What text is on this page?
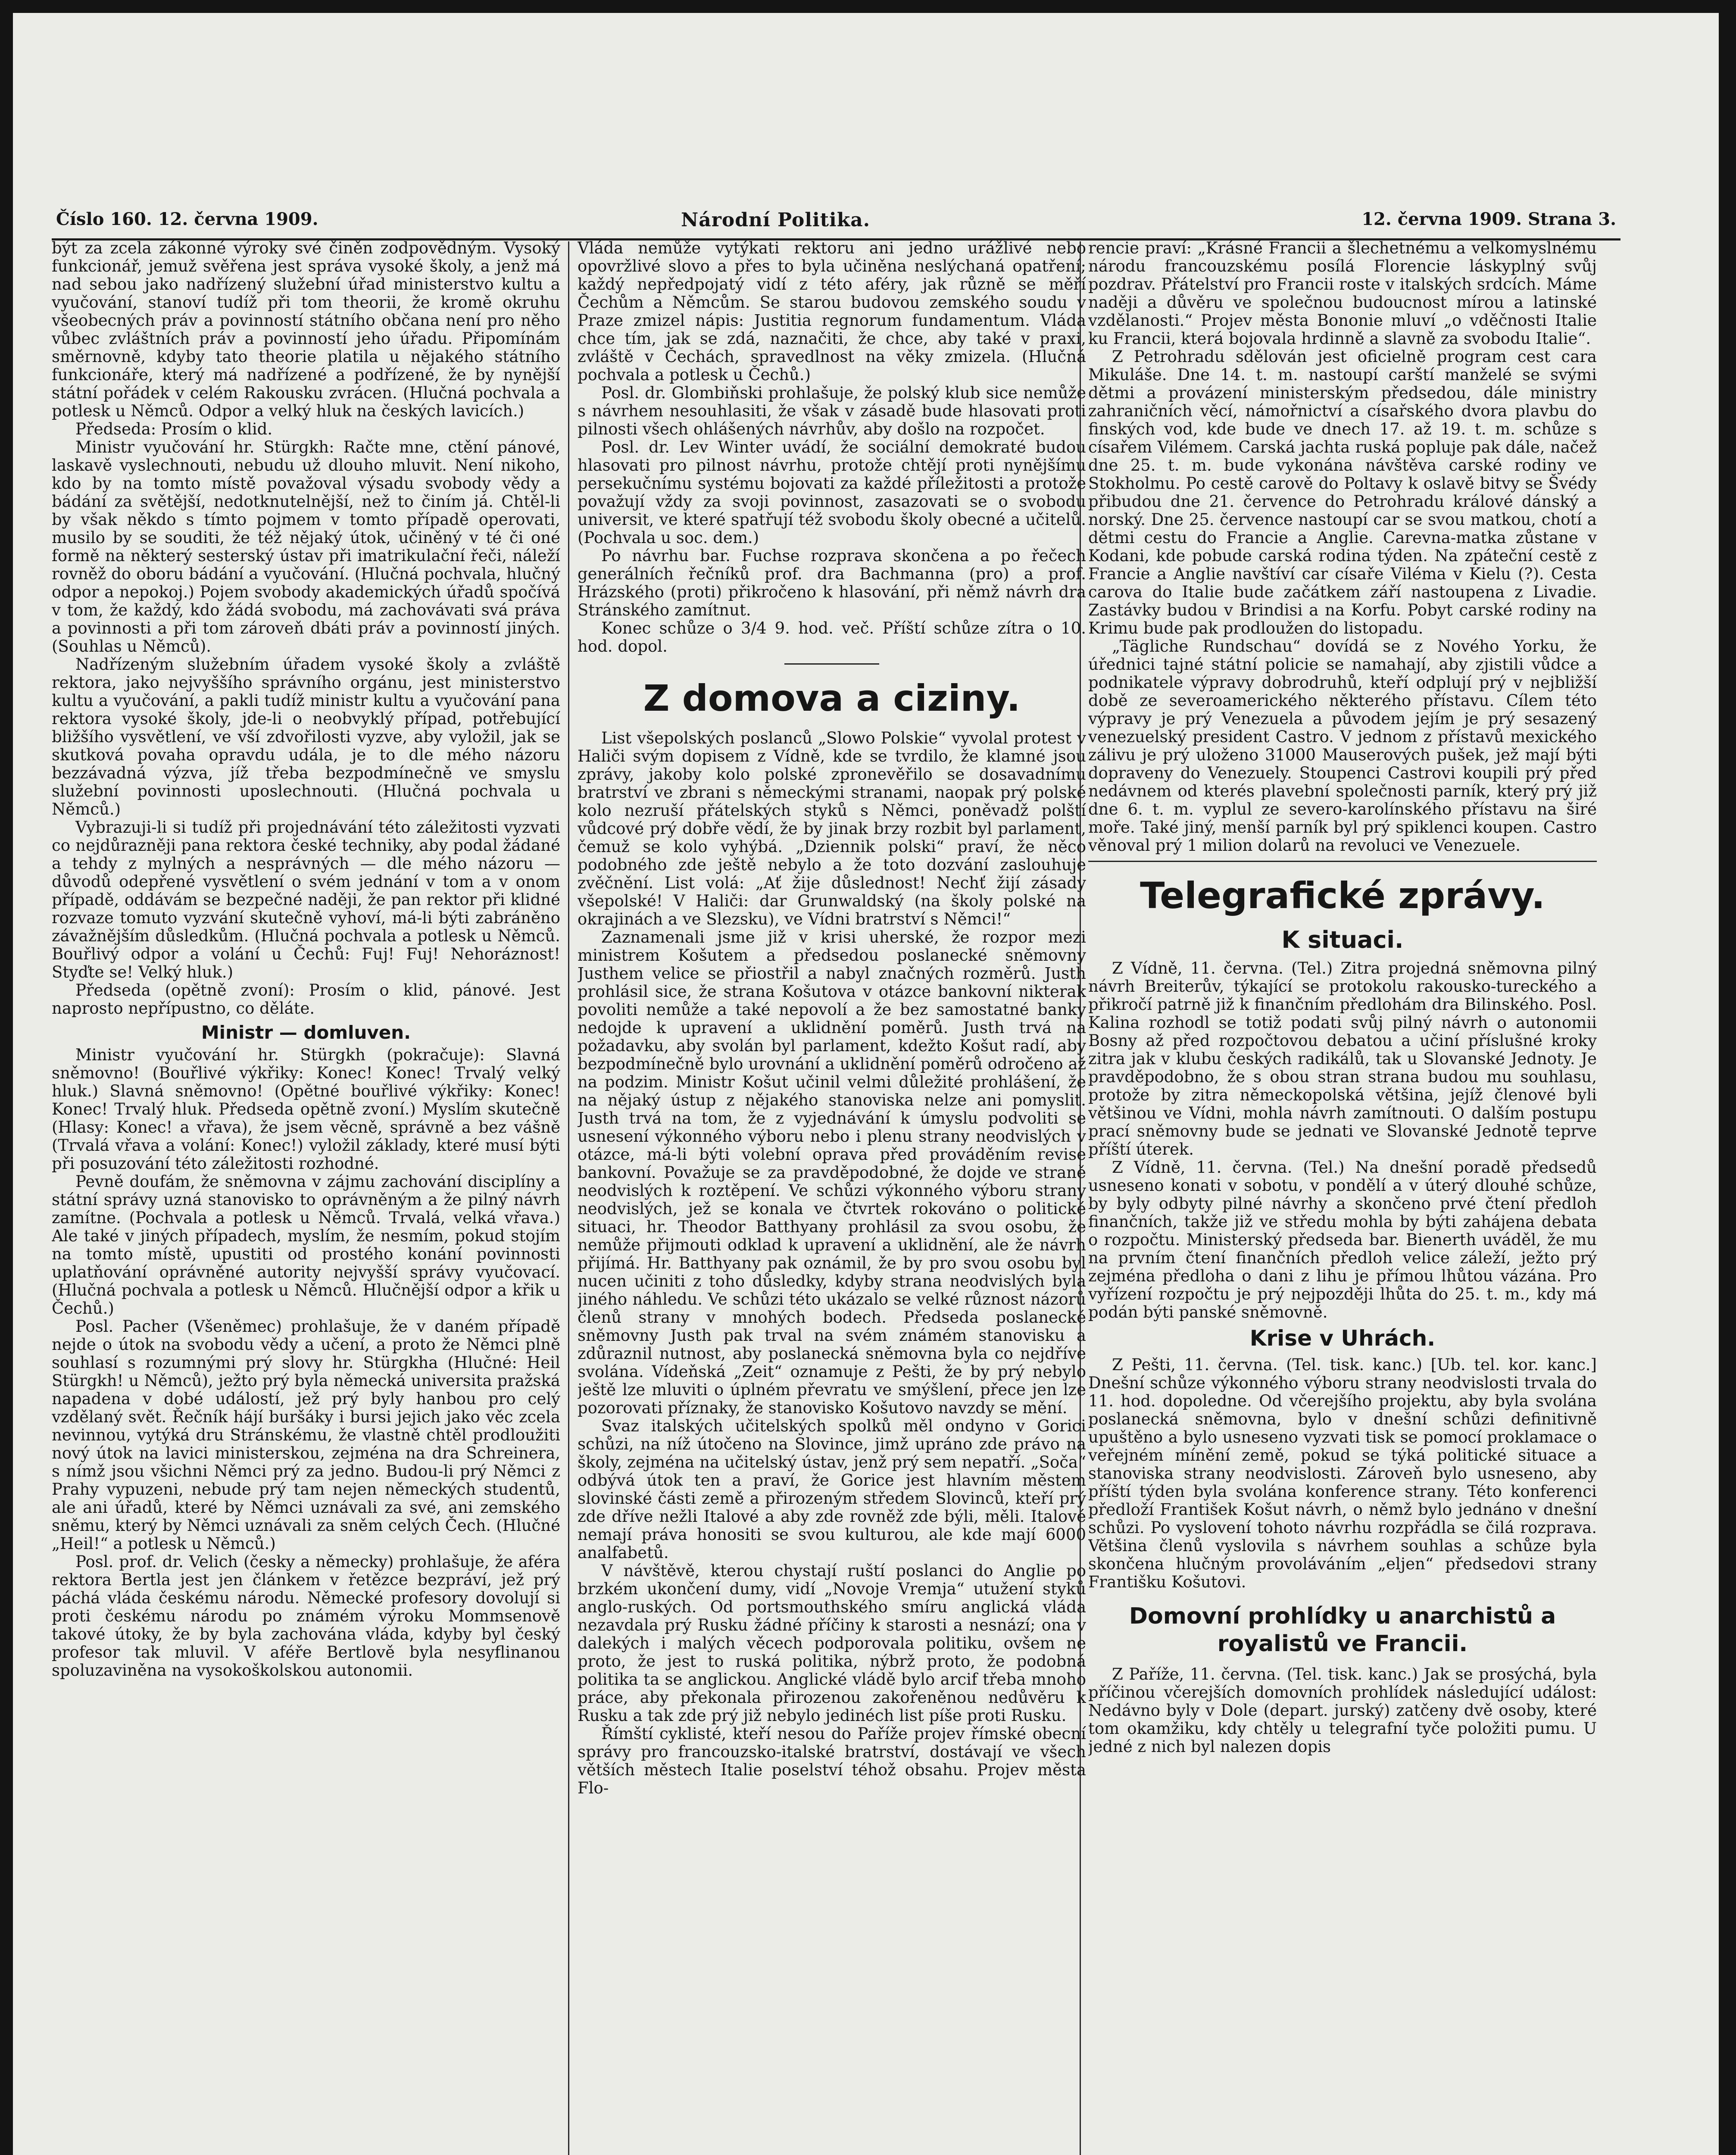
Číslo 160. 12. června 1909.	Národní Politika.	12. června 1909. Strana 3.

být za zcela zákonné výroky své činěn zodpovědným. Vysoký funkcionář, jemuž svěřena jest správa vysoké školy, a jenž má nad sebou jako nadřízený služební úřad ministerstvo kultu a vyučování, stanoví tudíž při tom theorii, že kromě okruhu všeobecných práv a povinností státního občana není pro něho vůbec zvláštních práv a povinností jeho úřadu. Připomínám směrnovně, kdyby tato theorie platila u nějakého státního funkcionáře, který má nadřízené a podřízené, že by nynější státní pořádek v celém Rakousku zvrácen. (Hlučná pochvala a potlesk u Němců. Odpor a velký hluk na českých lavicích.)

Předseda: Prosím o klid.

Ministr vyučování hr. Stürgkh: Račte mne, ctění pánové, laskavě vyslechnouti, nebudu už dlouho mluvit. Není nikoho, kdo by na tomto místě považoval výsadu svobody vědy a bádání za světější, nedotknutelnější, než to činím já. Chtěl-li by však někdo s tímto pojmem v tomto případě operovati, musilo by se souditi, že též nějaký útok, učiněný v té či oné formě na některý sesterský ústav při imatrikulační řeči, náleží rovněž do oboru bádání a vyučování. (Hlučná pochvala, hlučný odpor a nepokoj.) Pojem svobody akademických úřadů spočívá v tom, že každý, kdo žádá svobodu, má zachovávati svá práva a povinnosti a při tom zároveň dbáti práv a povinností jiných. (Souhlas u Němců).

Nadřízeným služebním úřadem vysoké školy a zvláště rektora, jako nejvyššího správního orgánu, jest ministerstvo kultu a vyučování, a pakli tudíž ministr kultu a vyučování pana rektora vysoké školy, jde-li o neobvyklý případ, potřebující bližšího vysvětlení, ve vší zdvořilosti vyzve, aby vyložil, jak se skutková povaha opravdu udála, je to dle mého názoru bezzávadná výzva, jíž třeba bezpodmínečně ve smyslu služební povinnosti uposlechnouti. (Hlučná pochvala u Němců.)

Vybrazuji-li si tudíž při projednávání této záležitosti vyzvati co nejdůrazněji pana rektora české techniky, aby podal žádané a tehdy z mylných a nesprávných — dle mého názoru — důvodů odepřené vysvětlení o svém jednání v tom a v onom případě, oddávám se bezpečné naději, že pan rektor při klidné rozvaze tomuto vyzvání skutečně vyhoví, má-li býti zabráněno závažnějším důsledkům. (Hlučná pochvala a potlesk u Němců. Bouřlivý odpor a volání u Čechů: Fuj! Fuj! Nehoráznost! Styďte se! Velký hluk.)

Předseda (opětně zvoní): Prosím o klid, pánové. Jest naprosto nepřípustno, co děláte.

Ministr — domluven.

Ministr vyučování hr. Stürgkh (pokračuje): Slavná sněmovno! (Bouřlivé výkřiky: Konec! Konec! Trvalý velký hluk.) Slavná sněmovno! (Opětné bouřlivé výkřiky: Konec! Konec! Trvalý hluk. Předseda opětně zvoní.) Myslím skutečně (Hlasy: Konec! a vřava), že jsem věcně, správně a bez vášně (Trvalá vřava a volání: Konec!) vyložil základy, které musí býti při posuzování této záležitosti rozhodné.

Pevně doufám, že sněmovna v zájmu zachování disciplíny a státní správy uzná stanovisko to oprávněným a že pilný návrh zamítne. (Pochvala a potlesk u Němců. Trvalá, velká vřava.) Ale také v jiných případech, myslím, že nesmím, pokud stojím na tomto místě, upustiti od prostého konání povinnosti uplatňování oprávněné autority nejvyšší správy vyučovací. (Hlučná pochvala a potlesk u Němců. Hlučnější odpor a křik u Čechů.)

Posl. Pacher (Všeněmec) prohlašuje, že v daném případě nejde o útok na svobodu vědy a učení, a proto že Němci plně souhlasí s rozumnými prý slovy hr. Stürgkha (Hlučné: Heil Stürgkh! u Němců), ježto prý byla německá universita pražská napadena v dobé událostí, jež prý byly hanbou pro celý vzdělaný svět. Řečník hájí buršáky i bursi jejich jako věc zcela nevinnou, vytýká dru Stránskému, že vlastně chtěl prodloužiti nový útok na lavici ministerskou, zejména na dra Schreinera, s nímž jsou všichni Němci prý za jedno. Budou-li prý Němci z Prahy vypuzeni, nebude prý tam nejen německých studentů, ale ani úřadů, které by Němci uznávali za své, ani zemského sněmu, který by Němci uznávali za sněm celých Čech. (Hlučné „Heil!“ a potlesk u Němců.)

Posl. prof. dr. Velich (česky a německy) prohlašuje, že aféra rektora Bertla jest jen článkem v řetězce bezpráví, jež prý páchá vláda českému národu. Německé profesory dovolují si proti českému národu po známém výroku Mommsenově takové útoky, že by byla zachována vláda, kdyby byl český profesor tak mluvil. V aféře Bertlově byla nesyflinanou spoluzaviněna na vysokoškolskou autonomii.

Vláda nemůže vytýkati rektoru ani jedno urážlivé nebo opovržlivé slovo a přes to byla učiněna neslýchaná opatření; každý nepředpojatý vidí z této aféry, jak různě se měří Čechům a Němcům. Se starou budovou zemského soudu v Praze zmizel nápis: Justitia regnorum fundamentum. Vláda chce tím, jak se zdá, naznačiti, že chce, aby také v praxi, zvláště v Čechách, spravedlnost na věky zmizela. (Hlučná pochvala a potlesk u Čechů.)

Posl. dr. Glombiňski prohlašuje, že polský klub sice nemůže s návrhem nesouhlasiti, že však v zásadě bude hlasovati proti pilnosti všech ohlášených návrhův, aby došlo na rozpočet.

Posl. dr. Lev Winter uvádí, že sociální demokraté budou hlasovati pro pilnost návrhu, protože chtějí proti nynějšímu persekučnímu systému bojovati za každé příležitosti a protože považují vždy za svoji povinnost, zasazovati se o svobodu universit, ve které spatřují též svobodu školy obecné a učitelů. (Pochvala u soc. dem.)

Po návrhu bar. Fuchse rozprava skončena a po řečech generálních řečníků prof. dra Bachmanna (pro) a prof. Hrázského (proti) přikročeno k hlasování, při němž návrh dra Stránského zamítnut.

Konec schůze o 3/4 9. hod. več. Příští schůze zítra o 10. hod. dopol.

Z domova a ciziny.

List všepolských poslanců „Slowo Polskie“ vyvolal protest v Haliči svým dopisem z Vídně, kde se tvrdilo, že klamné jsou zprávy, jakoby kolo polské zpronevěřilo se dosavadnímu bratrství ve zbrani s německými stranami, naopak prý polské kolo nezruší přátelských styků s Němci, poněvadž polští vůdcové prý dobře vědí, že by jinak brzy rozbit byl parlament, čemuž se kolo vyhýbá. „Dziennik polski“ praví, že něco podobného zde ještě nebylo a že toto dozvání zaslouhuje zvěčnění. List volá: „Ať žije důslednost! Nechť žijí zásady všepolské! V Haliči: dar Grunwaldský (na školy polské na okrajinách a ve Slezsku), ve Vídni bratrství s Němci!“

Zaznamenali jsme již v krisi uherské, že rozpor mezi ministrem Košutem a předsedou poslanecké sněmovny Justhem velice se přiostřil a nabyl značných rozměrů. Justh prohlásil sice, že strana Košutova v otázce bankovní nikterak povoliti nemůže a také nepovolí a že bez samostatné banky nedojde k upravení a uklidnění poměrů. Justh trvá na požadavku, aby svolán byl parlament, kdežto Košut radí, aby bezpodmínečně bylo urovnání a uklidnění poměrů odročeno až na podzim. Ministr Košut učinil velmi důležité prohlášení, že na nějaký ústup z nějakého stanoviska nelze ani pomyslit. Justh trvá na tom, že z vyjednávání k úmyslu podvoliti se usnesení výkonného výboru nebo i plenu strany neodvislých v otázce, má-li býti volební oprava před prováděním revise bankovní. Považuje se za pravděpodobné, že dojde ve straně neodvislých k roztěpení. Ve schůzi výkonného výboru strany neodvislých, jež se konala ve čtvrtek rokováno o politické situaci, hr. Theodor Batthyany prohlásil za svou osobu, že nemůže přijmouti odklad k upravení a uklidnění, ale že návrh přijímá. Hr. Batthyany pak oznámil, že by pro svou osobu byl nucen učiniti z toho důsledky, kdyby strana neodvislých byla jiného náhledu. Ve schůzi této ukázalo se velké různost názorů členů strany v mnohých bodech. Předseda poslanecké sněmovny Justh pak trval na svém známém stanovisku a zdůraznil nutnost, aby poslanecká sněmovna byla co nejdříve svolána. Vídeňská „Zeit“ oznamuje z Pešti, že by prý nebylo ještě lze mluviti o úplném převratu ve smýšlení, přece jen lze pozorovati příznaky, že stanovisko Košutovo navzdy se mění.

Svaz italských učitelských spolků měl ondyno v Gorici schůzi, na níž útočeno na Slovince, jimž upráno zde právo na školy, zejména na učitelský ústav, jenž prý sem nepatří. „Soča“ odbývá útok ten a praví, že Gorice jest hlavním městem slovinské části země a přirozeným středem Slovinců, kteří prý zde dříve nežli Italové a aby zde rovněž zde býli, měli. Italové nemají práva honositi se svou kulturou, ale kde mají 6000 analfabetů.

V návštěvě, kterou chystají ruští poslanci do Anglie po brzkém ukončení dumy, vidí „Novoje Vremja“ utužení styků anglo-ruských. Od portsmouthského smíru anglická vláda nezavdala prý Rusku žádné příčiny k starosti a nesnází; ona v dalekých i malých věcech podporovala politiku, ovšem ne proto, že jest to ruská politika, nýbrž proto, že podobná politika ta se anglickou. Anglické vládě bylo arcif třeba mnoho práce, aby překonala přirozenou zakořeněnou nedůvěru k Rusku a tak zde prý již nebylo jedinéch list píše proti Rusku.

Římští cyklisté, kteří nesou do Paříže projev římské obecní správy pro francouzsko-italské bratrství, dostávají ve všech větších městech Italie poselství téhož obsahu. Projev města Flo-

rencie praví: „Krásné Francii a šlechetnému a velkomyslnému národu francouzskému posílá Florencie láskyplný svůj pozdrav. Přátelství pro Francii roste v italských srdcích. Máme naději a důvěru ve společnou budoucnost mírou a latinské vzdělanosti.“ Projev města Bononie mluví „o vděčnosti Italie ku Francii, která bojovala hrdinně a slavně za svobodu Italie“.

Z Petrohradu sdělován jest oficielně program cest cara Mikuláše. Dne 14. t. m. nastoupí carští manželé se svými dětmi a provázení ministerským předsedou, dále ministry zahraničních věcí, námořnictví a císařského dvora plavbu do finských vod, kde bude ve dnech 17. až 19. t. m. schůze s císařem Vilémem. Carská jachta ruská popluje pak dále, načež dne 25. t. m. bude vykonána návštěva carské rodiny ve Stokholmu. Po cestě carově do Poltavy k oslavě bitvy se Švédy přibudou dne 21. července do Petrohradu králové dánský a norský. Dne 25. července nastoupí car se svou matkou, chotí a dětmi cestu do Francie a Anglie. Carevna-matka zůstane v Kodani, kde pobude carská rodina týden. Na zpáteční cestě z Francie a Anglie navštíví car císaře Viléma v Kielu (?). Cesta carova do Italie bude začátkem září nastoupena z Livadie. Zastávky budou v Brindisi a na Korfu. Pobyt carské rodiny na Krimu bude pak prodloužen do listopadu.

„Tägliche Rundschau“ dovídá se z Nového Yorku, že úřednici tajné státní policie se namahají, aby zjistili vůdce a podnikatele výpravy dobrodruhů, kteří odplují prý v nejbližší době ze severoamerického některého přístavu. Cílem této výpravy je prý Venezuela a původem jejím je prý sesazený venezuelský president Castro. V jednom z přístavů mexického zálivu je prý uloženo 31000 Mauserových pušek, jež mají býti dopraveny do Venezuely. Stoupenci Castrovi koupili prý před nedávnem od kterés plavební společnosti parník, který prý již dne 6. t. m. vyplul ze severo-karolínského přístavu na širé moře. Také jiný, menší parník byl prý spiklenci koupen. Castro věnoval prý 1 milion dolarů na revoluci ve Venezuele.

Telegrafické zprávy.
K situaci.

Z Vídně, 11. června. (Tel.) Zitra projedná sněmovna pilný návrh Breiterův, týkající se protokolu rakousko-tureckého a přikročí patrně již k finančním předlohám dra Bilinského. Posl. Kalina rozhodl se totiž podati svůj pilný návrh o autonomii Bosny až před rozpočtovou debatou a učiní příslušné kroky zitra jak v klubu českých radikálů, tak u Slovanské Jednoty. Je pravděpodobno, že s obou stran strana budou mu souhlasu, protože by zitra německopolská většina, jejíž členové byli většinou ve Vídni, mohla návrh zamítnouti. O dalším postupu prací sněmovny bude se jednati ve Slovanské Jednotě teprve příští úterek.

Z Vídně, 11. června. (Tel.) Na dnešní poradě předsedů usneseno konati v sobotu, v pondělí a v úterý dlouhé schůze, by byly odbyty pilné návrhy a skončeno prvé čtení předloh finančních, takže již ve středu mohla by býti zahájena debata o rozpočtu. Ministerský předseda bar. Bienerth uváděl, že mu na prvním čtení finančních předloh velice záleží, ježto prý zejména předloha o dani z lihu je přímou lhůtou vázána. Pro vyřízení rozpočtu je prý nejpozději lhůta do 25. t. m., kdy má podán býti panské sněmovně.

Krise v Uhrách.

Z Pešti, 11. června. (Tel. tisk. kanc.) [Ub. tel. kor. kanc.] Dnešní schůze výkonného výboru strany neodvislosti trvala do 11. hod. dopoledne. Od včerejšího projektu, aby byla svolána poslanecká sněmovna, bylo v dnešní schůzi definitivně upuštěno a bylo usneseno vyzvati tisk se pomocí proklamace o veřejném mínění země, pokud se týká politické situace a stanoviska strany neodvislosti. Zároveň bylo usneseno, aby příští týden byla svolána konference strany. Této konferenci předloží František Košut návrh, o němž bylo jednáno v dnešní schůzi. Po vyslovení tohoto návrhu rozpřádla se čilá rozprava. Většina členů vyslovila s návrhem souhlas a schůze byla skončena hlučným provoláváním „eljen“ předsedovi strany Františku Košutovi.

Domovní prohlídky u anarchistů a royalistů ve Francii.

Z Paříže, 11. června. (Tel. tisk. kanc.) Jak se prosýchá, byla příčinou včerejších domovních prohlídek následující událost: Nedávno byly v Dole (depart. jurský) zatčeny dvě osoby, které tom okamžiku, kdy chtěly u telegrafní tyče položiti pumu. U jedné z nich byl nalezen dopis
